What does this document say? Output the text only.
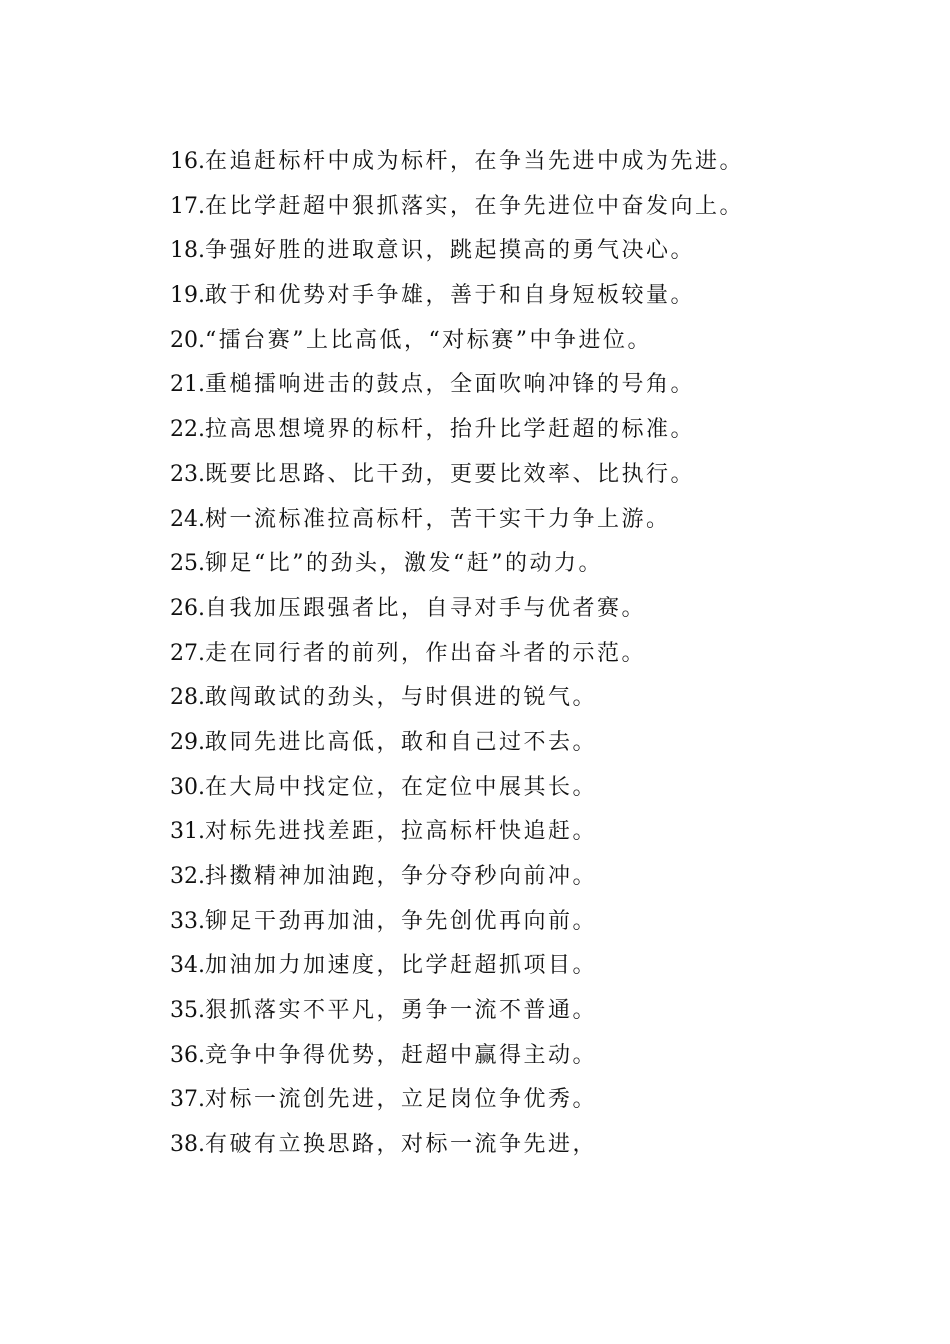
16.在追赶标杆中成为标杆，在争当先进中成为先进。
17.在比学赶超中狠抓落实，在争先进位中奋发向上。
18.争强好胜的进取意识，跳起摸高的勇气决心。
19.敢于和优势对手争雄，善于和自身短板较量。
20.“擂台赛”上比高低，“对标赛”中争进位。
21.重槌擂响进击的鼓点，全面吹响冲锋的号角。
22.拉高思想境界的标杆，抬升比学赶超的标准。
23.既要比思路、比干劲，更要比效率、比执行。
24.树一流标准拉高标杆，苦干实干力争上游。
25.铆足“比”的劲头，激发“赶”的动力。
26.自我加压跟强者比，自寻对手与优者赛。
27.走在同行者的前列，作出奋斗者的示范。
28.敢闯敢试的劲头，与时俱进的锐气。
29.敢同先进比高低，敢和自己过不去。
30.在大局中找定位，在定位中展其长。
31.对标先进找差距，拉高标杆快追赶。
32.抖擞精神加油跑，争分夺秒向前冲。
33.铆足干劲再加油，争先创优再向前。
34.加油加力加速度，比学赶超抓项目。
35.狠抓落实不平凡，勇争一流不普通。
36.竞争中争得优势，赶超中赢得主动。
37.对标一流创先进，立足岗位争优秀。
38.有破有立换思路，对标一流争先进，
